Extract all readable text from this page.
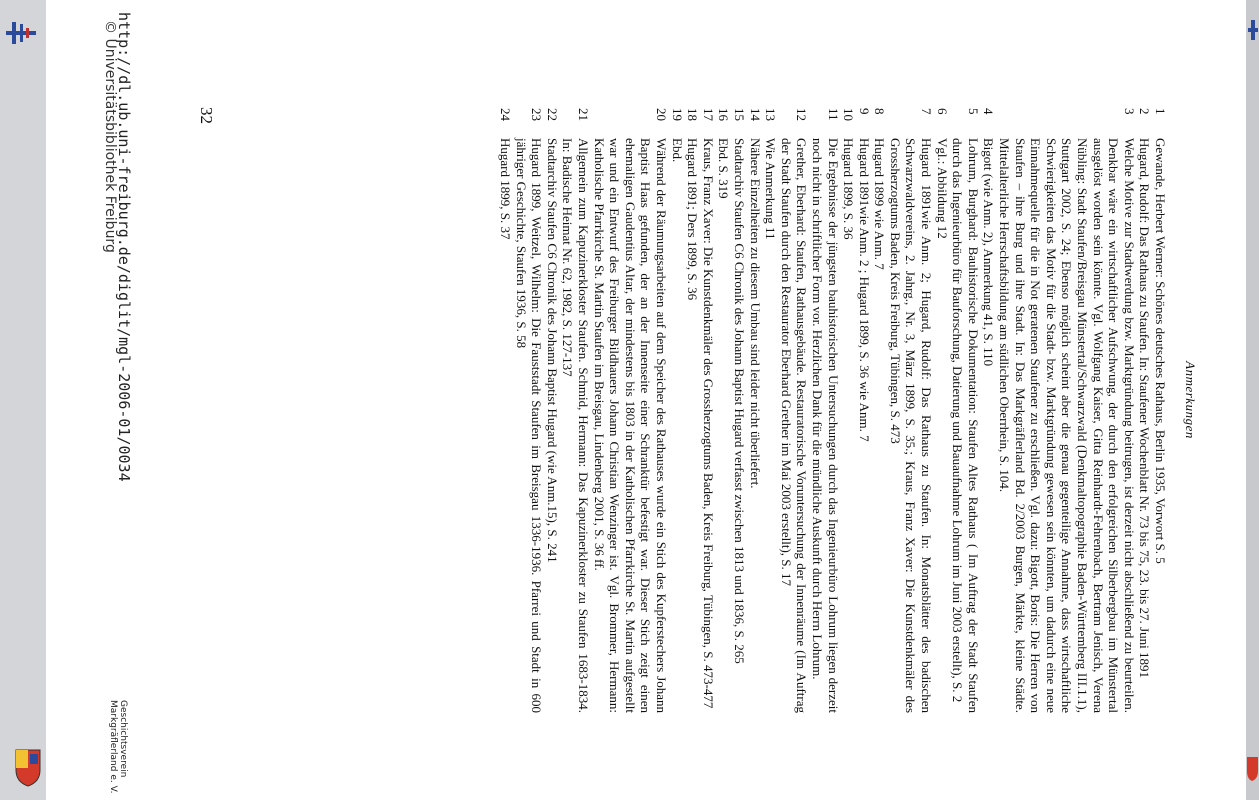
Anmerkungen
1
Gewande, Herbert Werner: Schönes deutsches Rathaus, Berlin 1935, Vorwort S. 5
2
Hugard, Rudolf: Das Rathaus zu Staufen. In: Staufener Wochenblatt Nr. 73 bis 75, 23. bis 27. Juni 1891
3
Welche Motive zur Stadtwerdung bzw. Marktgründung beitrugen, ist derzeit nicht abschließend zu beurteilen. Denkbar wäre ein wirtschaftlicher Aufschwung, der durch den erfolgreichen Silberbergbau im Münstertal ausgelöst worden sein könnte. Vgl. Wolfgang Kaiser, Gitta Reinhardt-Fehrenbach, Bertram Jenisch, Verena Nübling: Stadt Staufen/Breisgau Münstertal/Schwarzwald (Denkmaltopographie Baden-Württemberg III.1.1), Stuttgart 2002, S. 24; Ebenso möglich scheint aber die genau gegenteilige Annahme, dass wirtschaftliche Schwierigkeiten das Motiv für die Stadt- bzw. Marktgründung gewesen sein könnten, um dadurch eine neue Einnahmequelle für die in Not geratenen Staufener zu erschließen. Vgl. dazu: Bigott, Boris: Die Herren von Staufen – ihre Burg und ihre Stadt. In: Das Markgräflerland Bd. 2/2003 Burgen, Märkte, kleine Städte. Mittelalterliche Herrschaftsbildung am südlichen Oberrhein, S. 104.
4
Bigott (wie Anm. 2), Anmerkung 41, S. 110
5
Lohrum, Burghard: Bauhistorische Dokumentation: Staufen Altes Rathaus ( Im Auftrag der Stadt Staufen durch das Ingenieurbüro für Bauforschung, Datierung und Bauaufnahme Lohrum im Juni 2003 erstellt), S. 2
6
Vgl.: Abbildung 12
7
Hugard 1891wie Anm. 2; Hugard, Rudolf: Das Rathaus zu Staufen. In: Monatsblätter des badischen Schwarzwaldvereins, 2. Jahrg., Nr. 3, März 1899, S. 35.; Kraus, Franz Xaver: Die Kunstdenkmäler des Grossherzogtums Baden, Kreis Freiburg, Tübingen, S. 473
8
Hugard 1899 wie Anm. 7
9
Hugard 1891wie Anm. 2 ; Hugard 1899, S. 36 wie Anm. 7
10
Hugard 1899, S. 36
11
Die Ergebnisse der jüngsten bauhistorischen Untersuchungen durch das Ingenieurbüro Lohrum liegen derzeit noch nicht in schriftlicher Form vor. Herzlichen Dank für die mündliche Auskunft durch Herrn Lohrum.
12
Grether, Eberhard: Staufen, Rathausgebäude. Restauratorische Voruntersuchung der Innenräume (Im Auftrag der Stadt Staufen durch den Restaurator Eberhard Grether im Mai 2003 erstellt), S. 17
13
Wie Anmerkung 11
14
Nähere Einzelheiten zu diesem Umbau sind leider nicht überliefert.
15
Stadtarchiv Staufen C6 Chronik des Johann Baptist Hugard verfasst zwischen 1813 und 1836, S. 265
16
Ebd. S. 319
17
Kraus, Franz Xaver: Die Kunstdenkmäler des Grossherzogtums Baden, Kreis Freiburg, Tübingen, S. 473-477
18
Hugard 1891; Ders 1899, S. 36
19
Ebd.
20
Während der Räumungsarbeiten auf dem Speicher des Rathauses wurde ein Stich des Kupferstechers Johann Baptist Haas gefunden, der an der Innenseite einer Schranktür befestigt war. Dieser Stich zeigt einen ehemaligen Gaudentius Altar, der mindestens bis 1803 in der Katholischen Pfarrkirche St. Martin aufgestellt war und ein Entwurf des Freiburger Bildhauers Johann Christian Wenzinger ist. Vgl. Brommer, Hermann: Katholische Pfarrkirche St. Martin Staufen im Breisgau, Lindenberg 2001, S. 36 ff.
21
Allgemein zum Kapuzinerkloster Staufen. Schmid, Hermann: Das Kapuzinerkloster zu Staufen 1683-1834. In: Badische Heimat Nr. 62, 1982, S. 127-137
22
Stadtarchiv Staufen C6 Chronik des Johann Baptist Hugard (wie Anm.15), S. 241
23
Hugard 1899, Weitzel, Wilhelm: Die Fauststadt Staufen im Breisgau 1336-1936. Pfarrei und Stadt in 600 jähriger Geschichte, Staufen 1936, S. 58
24
Hugard 1899, S. 37
32
http://dl.ub.uni-freiburg.de/diglit/mgl-2006-01/0034
© Universitätsbibliothek Freiburg
Geschichtsverein
Markgräflerland e. V.
